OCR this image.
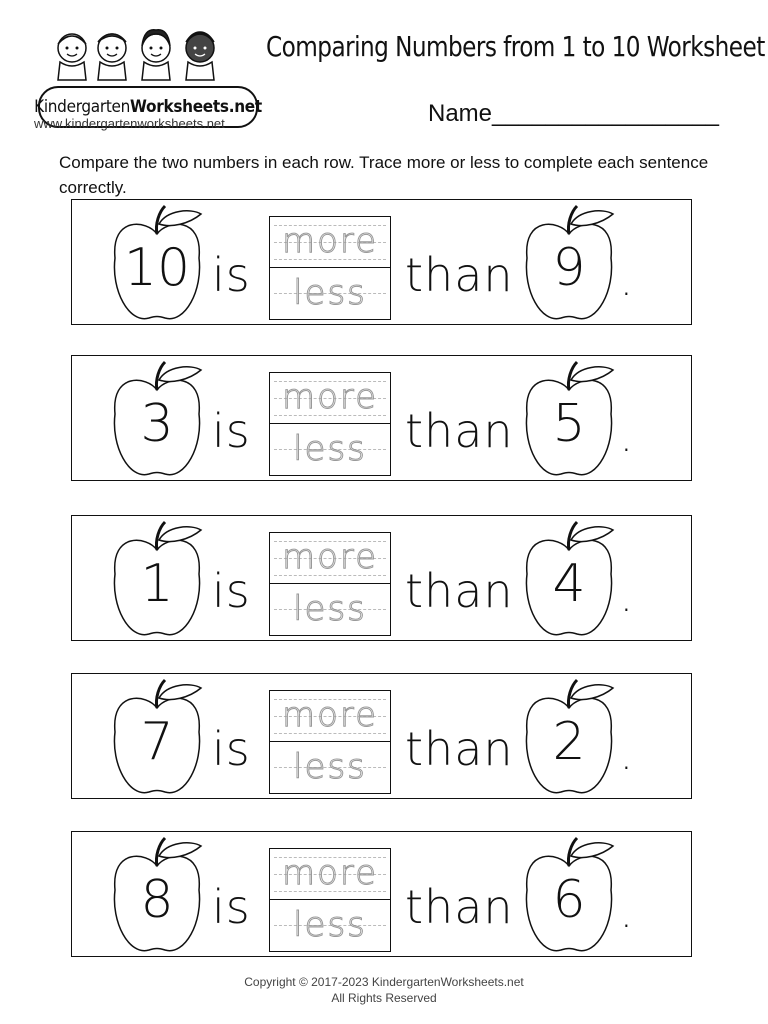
Kindergarten Worksheets.net
www.kindergartenworksheets.net
Comparing Numbers from 1 to 10 Worksheet
Name_________________
Compare the two numbers in each row. Trace more or less to complete each sentence correctly.
10 is
more
less than 9 .
3 is
more
less than 5 .
1 is
more
less than 4 .
7 is
more
less than 2 .
8 is
more
less than 6 .
Copyright © 2017-2023 KindergartenWorksheets.net
All Rights Reserved
